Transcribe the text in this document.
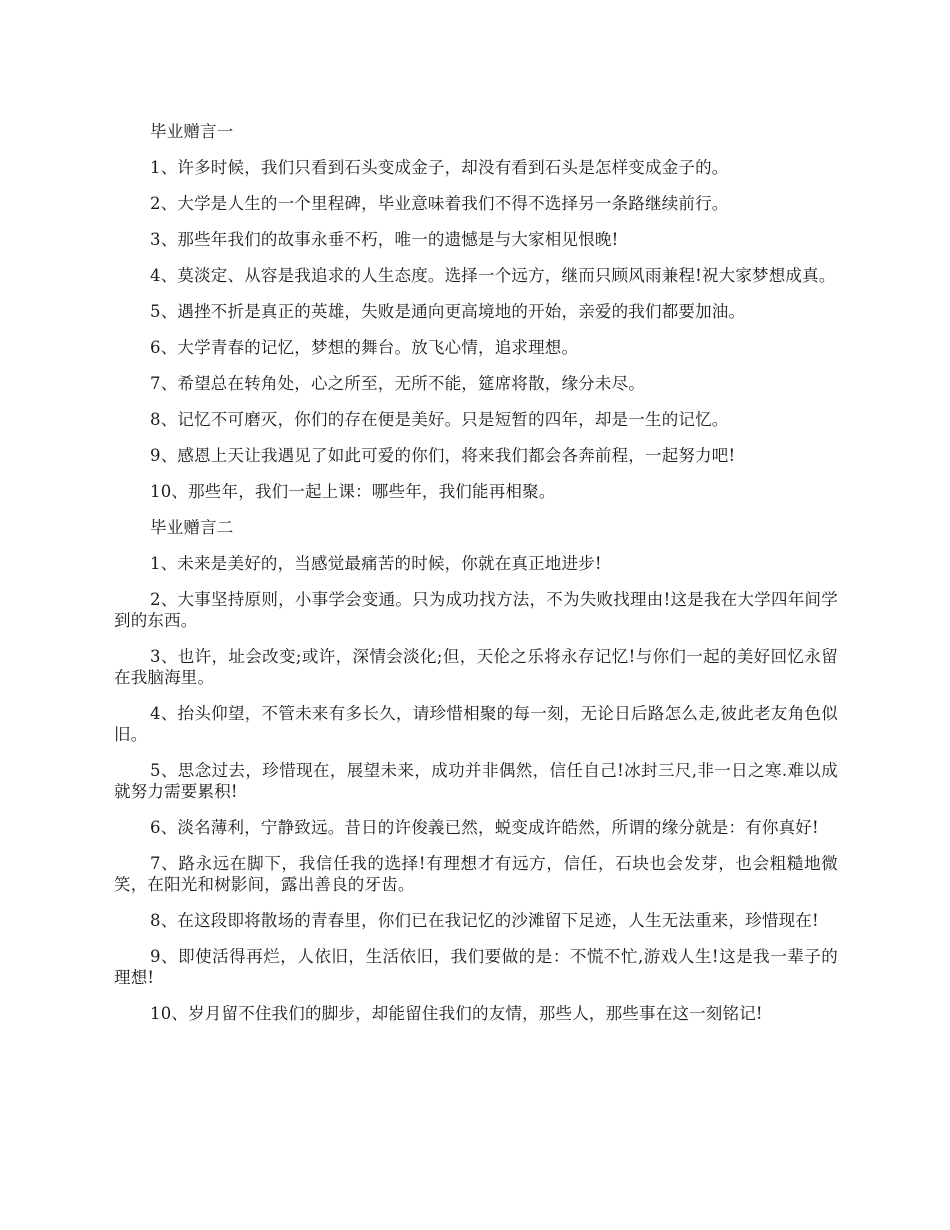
毕业赠言一

1、许多时候，我们只看到石头变成金子，却没有看到石头是怎样变成金子的。

2、大学是人生的一个里程碑，毕业意味着我们不得不选择另一条路继续前行。

3、那些年我们的故事永垂不朽，唯一的遗憾是与大家相见恨晚!

4、莫淡定、从容是我追求的人生态度。选择一个远方，继而只顾风雨兼程!祝大家梦想成真。

5、遇挫不折是真正的英雄，失败是通向更高境地的开始，亲爱的我们都要加油。

6、大学青春的记忆，梦想的舞台。放飞心情，追求理想。

7、希望总在转角处，心之所至，无所不能，筵席将散，缘分未尽。

8、记忆不可磨灭，你们的存在便是美好。只是短暂的四年，却是一生的记忆。

9、感恩上天让我遇见了如此可爱的你们，将来我们都会各奔前程，一起努力吧!

10、那些年，我们一起上课：哪些年，我们能再相聚。

毕业赠言二

1、未来是美好的，当感觉最痛苦的时候，你就在真正地进步!

2、大事坚持原则，小事学会变通。只为成功找方法，不为失败找理由!这是我在大学四年间学到的东西。

3、也许，址会改变;或许，深情会淡化;但，天伦之乐将永存记忆!与你们一起的美好回忆永留在我脑海里。

4、抬头仰望，不管未来有多长久，请珍惜相聚的每一刻，无论日后路怎么走,彼此老友角色似旧。

5、思念过去，珍惜现在，展望未来，成功并非偶然，信任自己!冰封三尺,非一日之寒.难以成就努力需要累积!

6、淡名薄利，宁静致远。昔日的许俊義已然，蜕变成许皓然，所谓的缘分就是：有你真好!

7、路永远在脚下，我信任我的选择!有理想才有远方，信任，石块也会发芽，也会粗糙地微笑，在阳光和树影间，露出善良的牙齿。

8、在这段即将散场的青春里，你们已在我记忆的沙滩留下足迹，人生无法重来，珍惜现在!

9、即使活得再烂，人依旧，生活依旧，我们要做的是：不慌不忙,游戏人生!这是我一辈子的理想!

10、岁月留不住我们的脚步，却能留住我们的友情，那些人，那些事在这一刻铭记!
